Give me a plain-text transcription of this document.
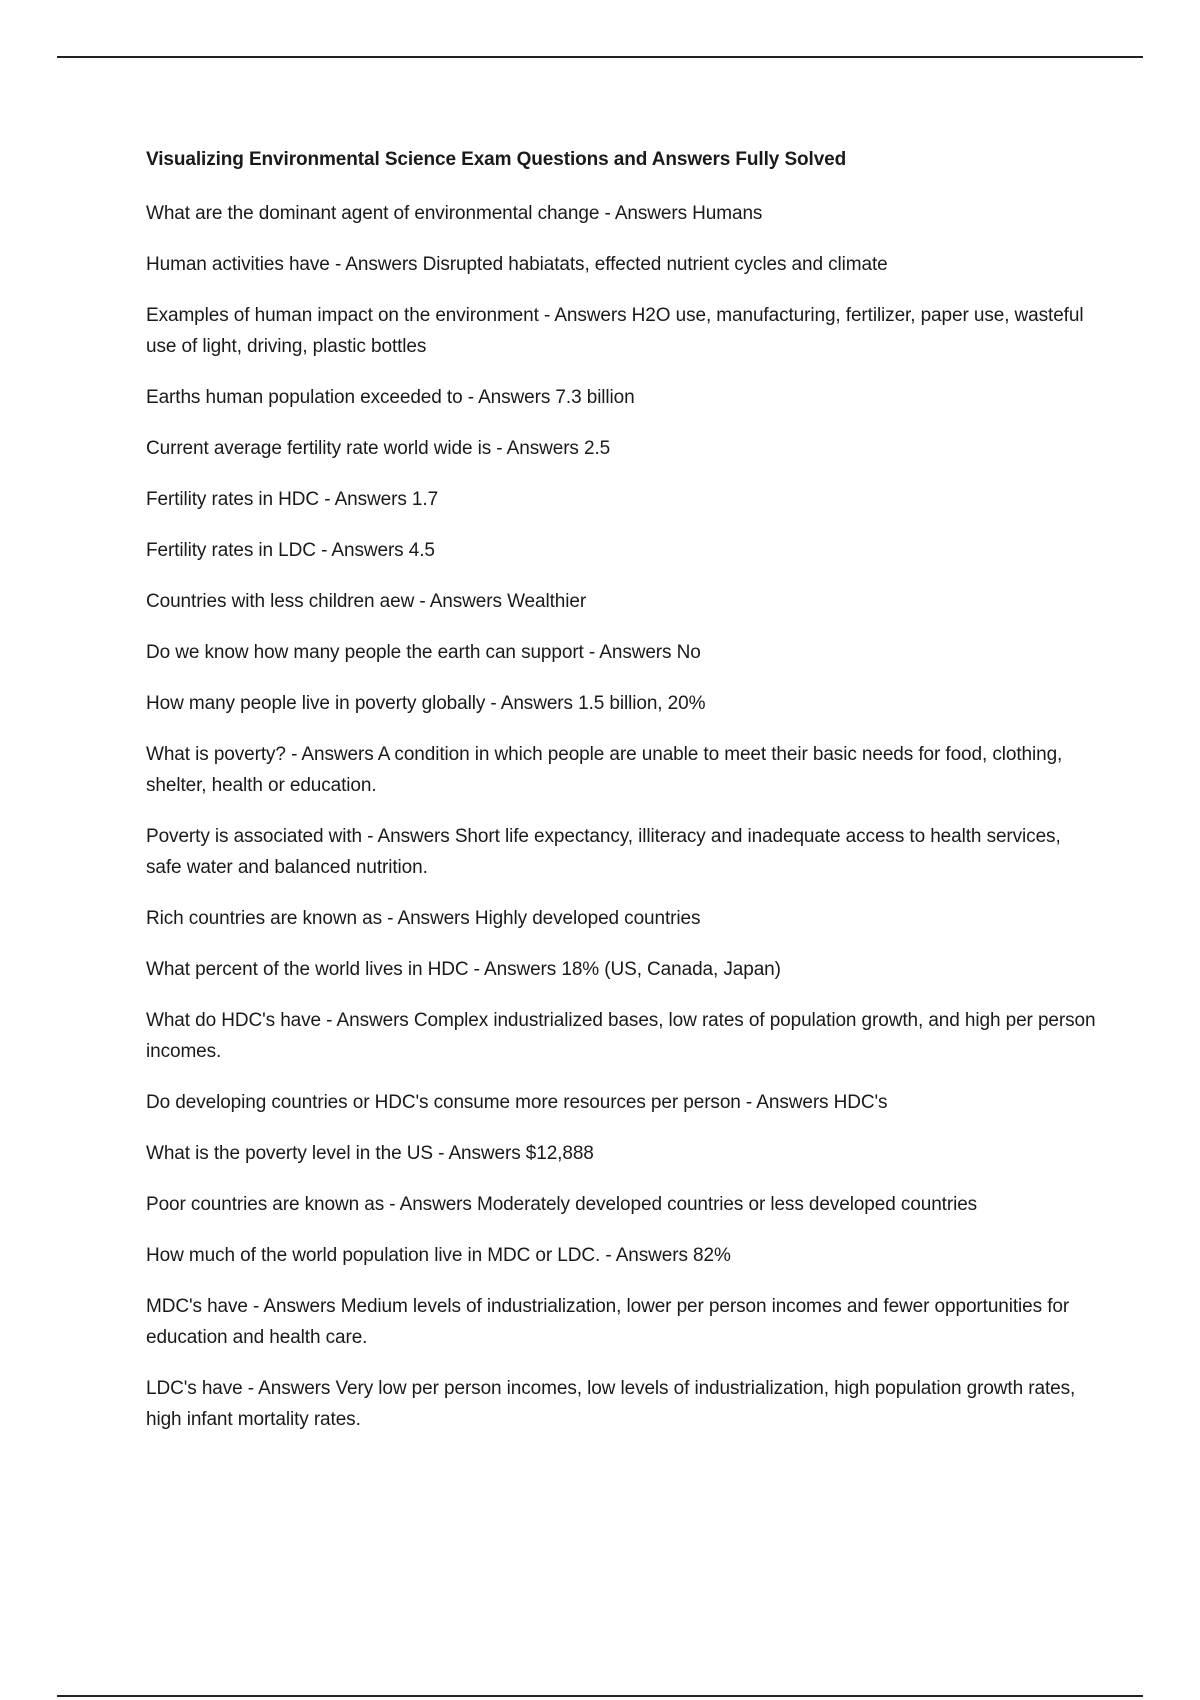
Visualizing Environmental Science Exam Questions and Answers Fully Solved

What are the dominant agent of environmental change - Answers Humans

Human activities have - Answers Disrupted habiatats, effected nutrient cycles and climate

Examples of human impact on the environment - Answers H2O use, manufacturing, fertilizer, paper use, wasteful use of light, driving, plastic bottles

Earths human population exceeded to - Answers 7.3 billion

Current average fertility rate world wide is - Answers 2.5

Fertility rates in HDC - Answers 1.7

Fertility rates in LDC - Answers 4.5

Countries with less children aew - Answers Wealthier

Do we know how many people the earth can support - Answers No

How many people live in poverty globally - Answers 1.5 billion, 20%

What is poverty? - Answers A condition in which people are unable to meet their basic needs for food, clothing, shelter, health or education.

Poverty is associated with - Answers Short life expectancy, illiteracy and inadequate access to health services, safe water and balanced nutrition.

Rich countries are known as - Answers Highly developed countries

What percent of the world lives in HDC - Answers 18% (US, Canada, Japan)

What do HDC's have - Answers Complex industrialized bases, low rates of population growth, and high per person incomes.

Do developing countries or HDC's consume more resources per person - Answers HDC's

What is the poverty level in the US - Answers $12,888

Poor countries are known as - Answers Moderately developed countries or less developed countries

How much of the world population live in MDC or LDC. - Answers 82%

MDC's have - Answers Medium levels of industrialization, lower per person incomes and fewer opportunities for education and health care.

LDC's have - Answers Very low per person incomes, low levels of industrialization, high population growth rates, high infant mortality rates.
